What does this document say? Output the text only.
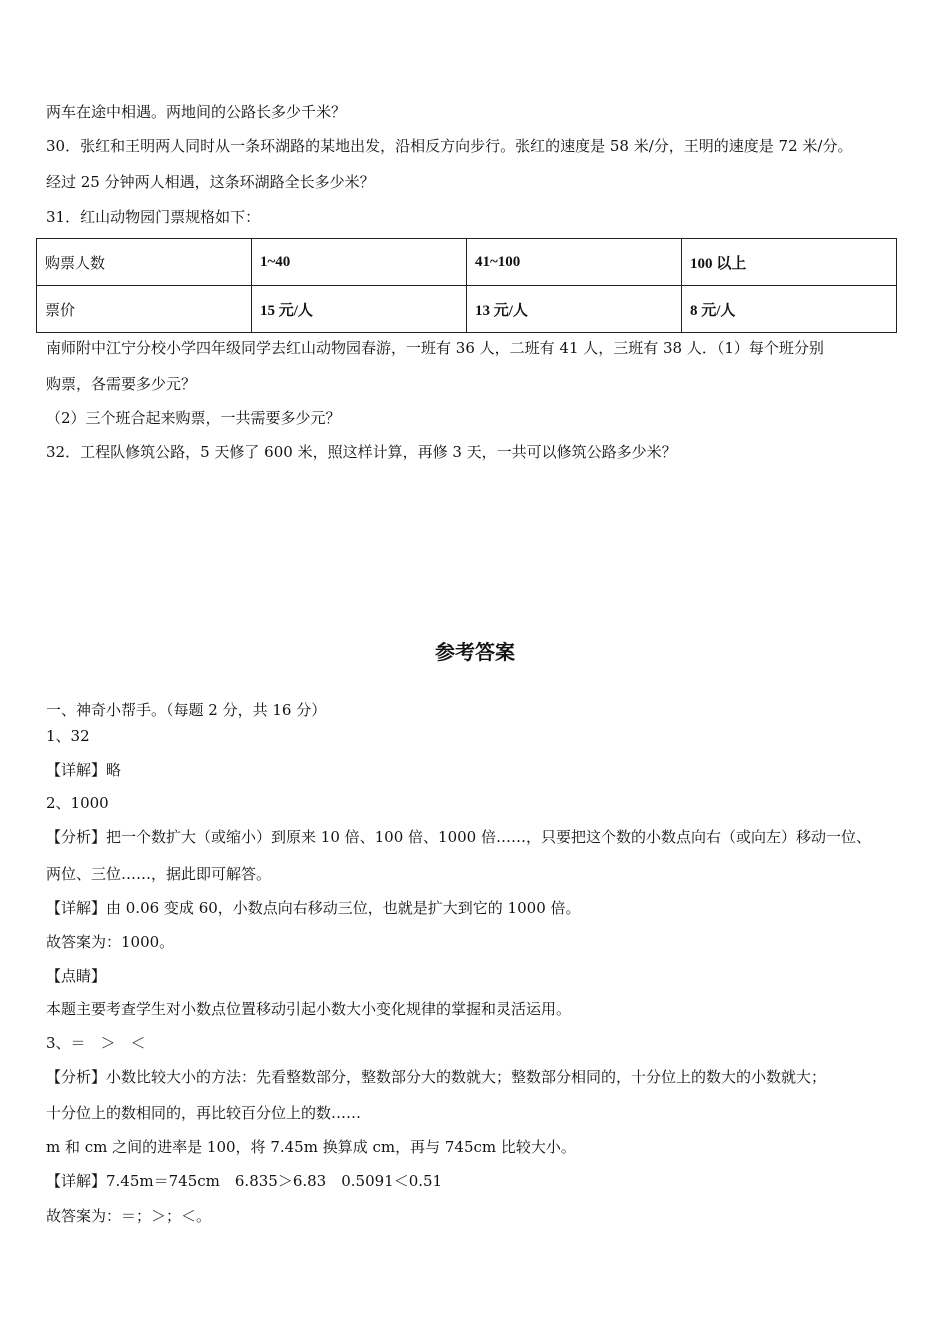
两车在途中相遇。两地间的公路长多少千米？
30．张红和王明两人同时从一条环湖路的某地出发，沿相反方向步行。张红的速度是 58 米/分，王明的速度是 72 米/分。
经过 25 分钟两人相遇，这条环湖路全长多少米？
31．红山动物园门票规格如下：
购票人数	1~40	41~100	100 以上
票价	15 元/人	13 元/人	8 元/人
南师附中江宁分校小学四年级同学去红山动物园春游，一班有 36 人，二班有 41 人，三班有 38 人．（1）每个班分别
购票，各需要多少元？
（2）三个班合起来购票，一共需要多少元？
32．工程队修筑公路，5 天修了 600 米，照这样计算，再修 3 天，一共可以修筑公路多少米？
参考答案
一、神奇小帮手。（每题 2 分，共 16 分）
1、32
【详解】略
2、1000
【分析】把一个数扩大（或缩小）到原来 10 倍、100 倍、1000 倍……，只要把这个数的小数点向右（或向左）移动一位、
两位、三位……，据此即可解答。
【详解】由 0.06 变成 60，小数点向右移动三位，也就是扩大到它的 1000 倍。
故答案为：1000。
【点睛】
本题主要考查学生对小数点位置移动引起小数大小变化规律的掌握和灵活运用。
3、＝　＞　＜
【分析】小数比较大小的方法：先看整数部分，整数部分大的数就大；整数部分相同的，十分位上的数大的小数就大；
十分位上的数相同的，再比较百分位上的数……
m 和 cm 之间的进率是 100，将 7.45m 换算成 cm，再与 745cm 比较大小。
【详解】7.45m＝745cm　6.835＞6.83　0.5091＜0.51
故答案为：＝；＞；＜。
